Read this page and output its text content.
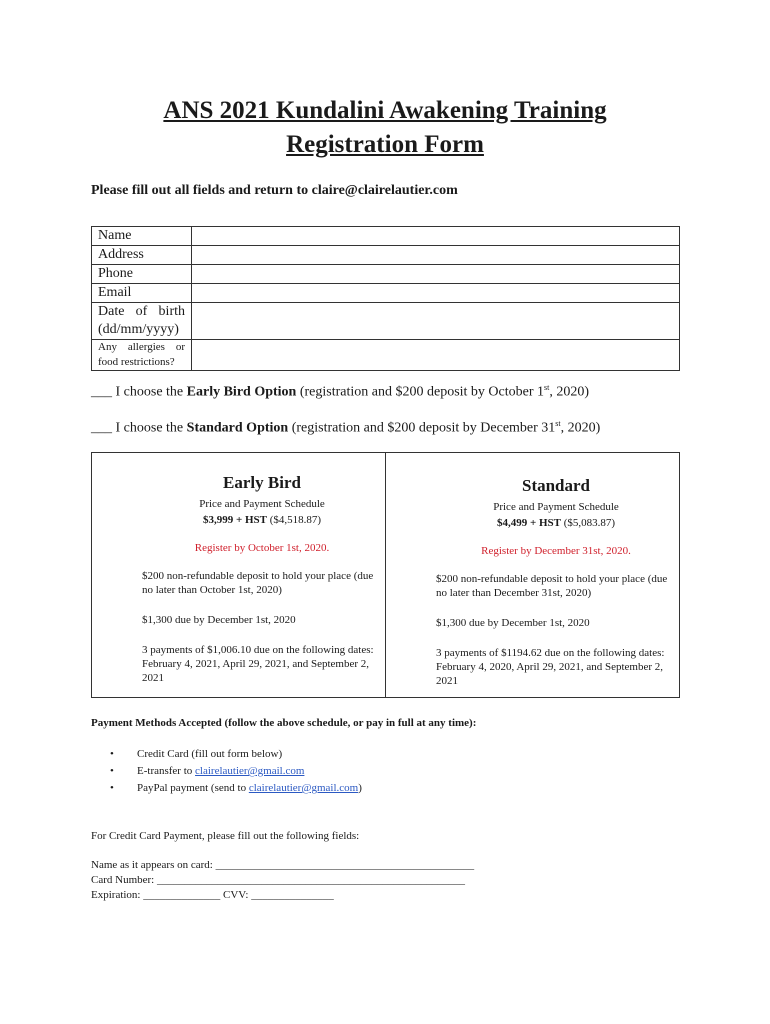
ANS 2021 Kundalini Awakening Training
Registration Form
Please fill out all fields and return to claire@clairelautier.com
Name	
Address	
Phone	
Email	
Date of birth (dd/mm/yyyy)	
Any allergies or food restrictions?	
___ I choose the Early Bird Option (registration and $200 deposit by October 1st, 2020)
___ I choose the Standard Option (registration and $200 deposit by December 31st, 2020)
Early Bird
Price and Payment Schedule
$3,999 + HST ($4,518.87)
Register by October 1st, 2020.

$200 non-refundable deposit to hold your place (due no later than October 1st, 2020)

$1,300 due by December 1st, 2020

3 payments of $1,006.10 due on the following dates: February 4, 2021, April 29, 2021, and September 2, 2021

Standard
Price and Payment Schedule
$4,499 + HST ($5,083.87)
Register by December 31st, 2020.

$200 non-refundable deposit to hold your place (due no later than December 31st, 2020)

$1,300 due by December 1st, 2020

3 payments of $1194.62 due on the following dates: February 4, 2020, April 29, 2021, and September 2, 2021

Payment Methods Accepted (follow the above schedule, or pay in full at any time):
• Credit Card (fill out form below)
• E-transfer to clairelautier@gmail.com
• PayPal payment (send to clairelautier@gmail.com)
For Credit Card Payment, please fill out the following fields:
Name as it appears on card: _______________________________________________
Card Number: ________________________________________________________
Expiration: ______________ CVV: _______________
